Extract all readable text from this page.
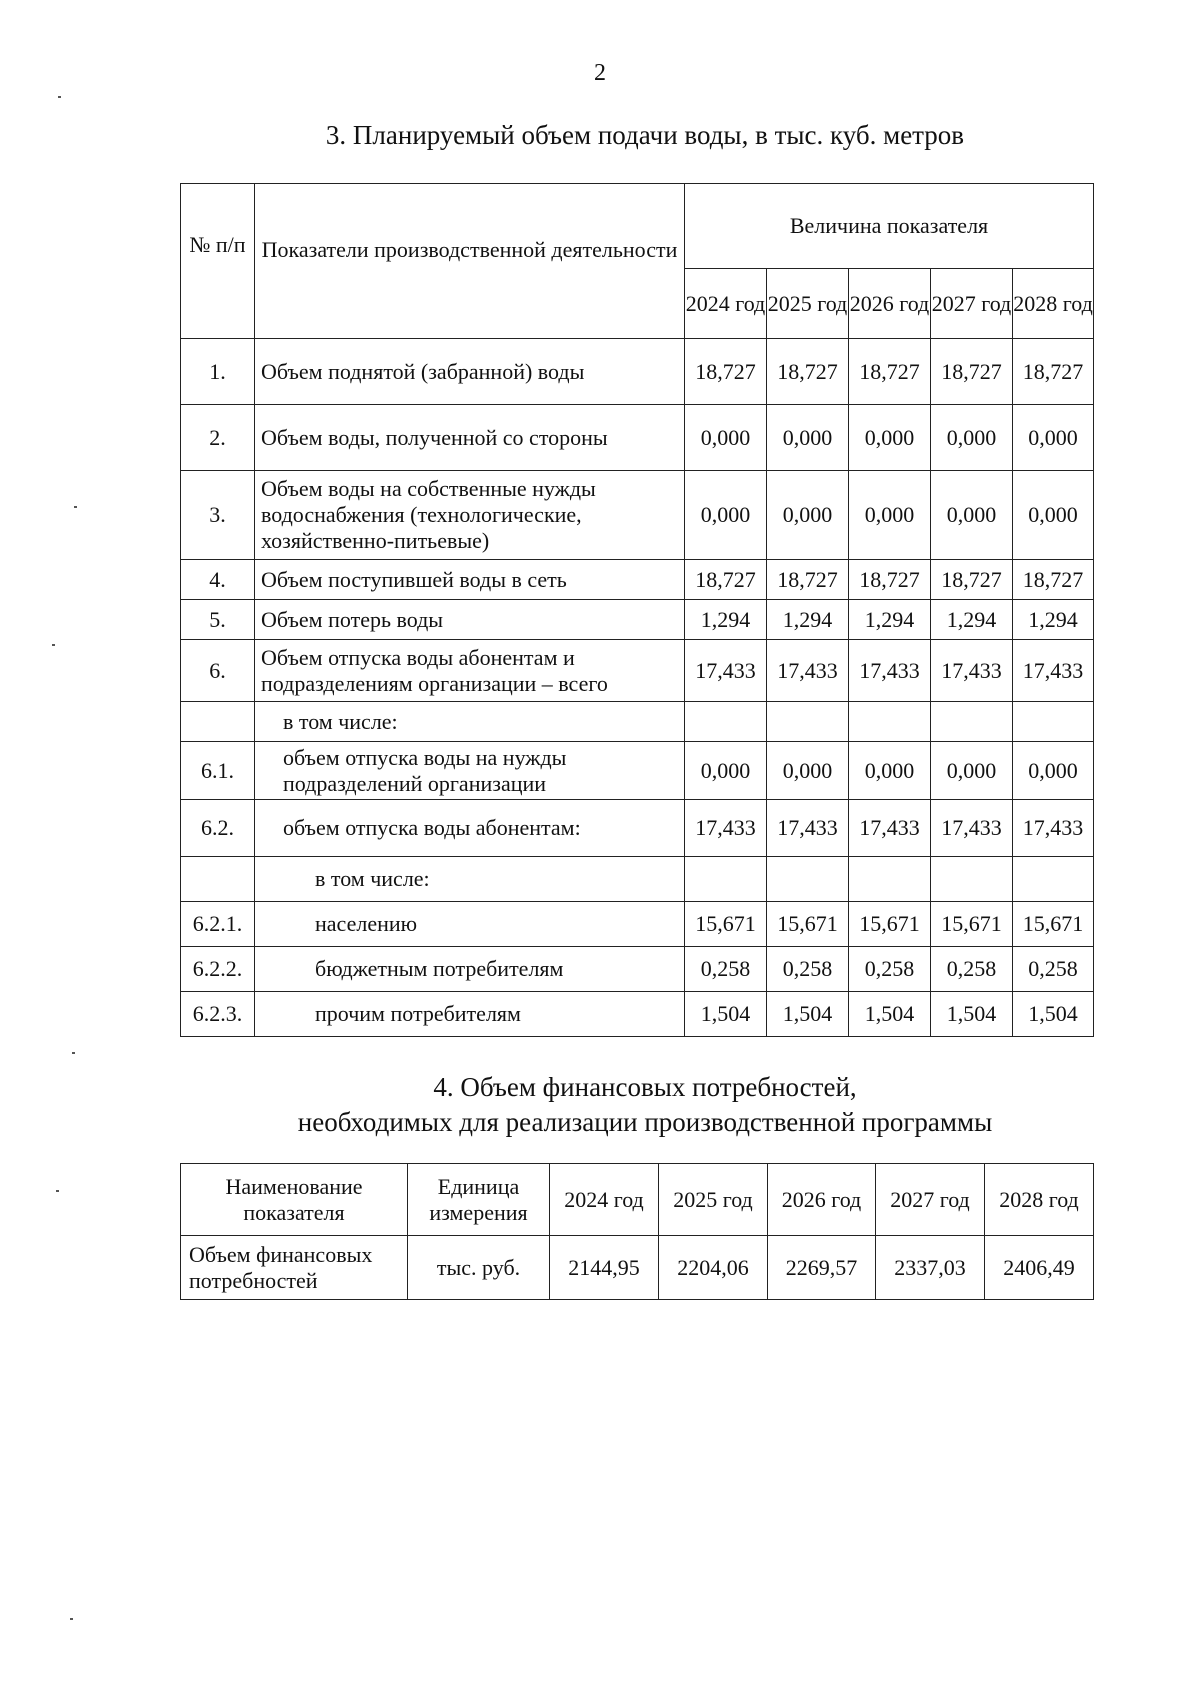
2
3. Планируемый объем подачи воды, в тыс. куб. метров
№ п/п	Показатели производственной деятельности	Величина показателя				
		2024 год	2025 год	2026 год	2027 год	2028 год
1.	Объем поднятой (забранной) воды	18,727	18,727	18,727	18,727	18,727
2.	Объем воды, полученной со стороны	0,000	0,000	0,000	0,000	0,000
3.	Объем воды на собственные нужды водоснабжения (технологические, хозяйственно-питьевые)	0,000	0,000	0,000	0,000	0,000
4.	Объем поступившей воды в сеть	18,727	18,727	18,727	18,727	18,727
5.	Объем потерь воды	1,294	1,294	1,294	1,294	1,294
6.	Объем отпуска воды абонентам и подразделениям организации – всего	17,433	17,433	17,433	17,433	17,433
	в том числе:					
6.1.	объем отпуска воды на нужды подразделений организации	0,000	0,000	0,000	0,000	0,000
6.2.	объем отпуска воды абонентам:	17,433	17,433	17,433	17,433	17,433
	в том числе:					
6.2.1.	населению	15,671	15,671	15,671	15,671	15,671
6.2.2.	бюджетным потребителям	0,258	0,258	0,258	0,258	0,258
6.2.3.	прочим потребителям	1,504	1,504	1,504	1,504	1,504
4. Объем финансовых потребностей,
необходимых для реализации производственной программы
Наименование показателя	Единица измерения	2024 год	2025 год	2026 год	2027 год	2028 год
Объем финансовых потребностей	тыс. руб.	2144,95	2204,06	2269,57	2337,03	2406,49
